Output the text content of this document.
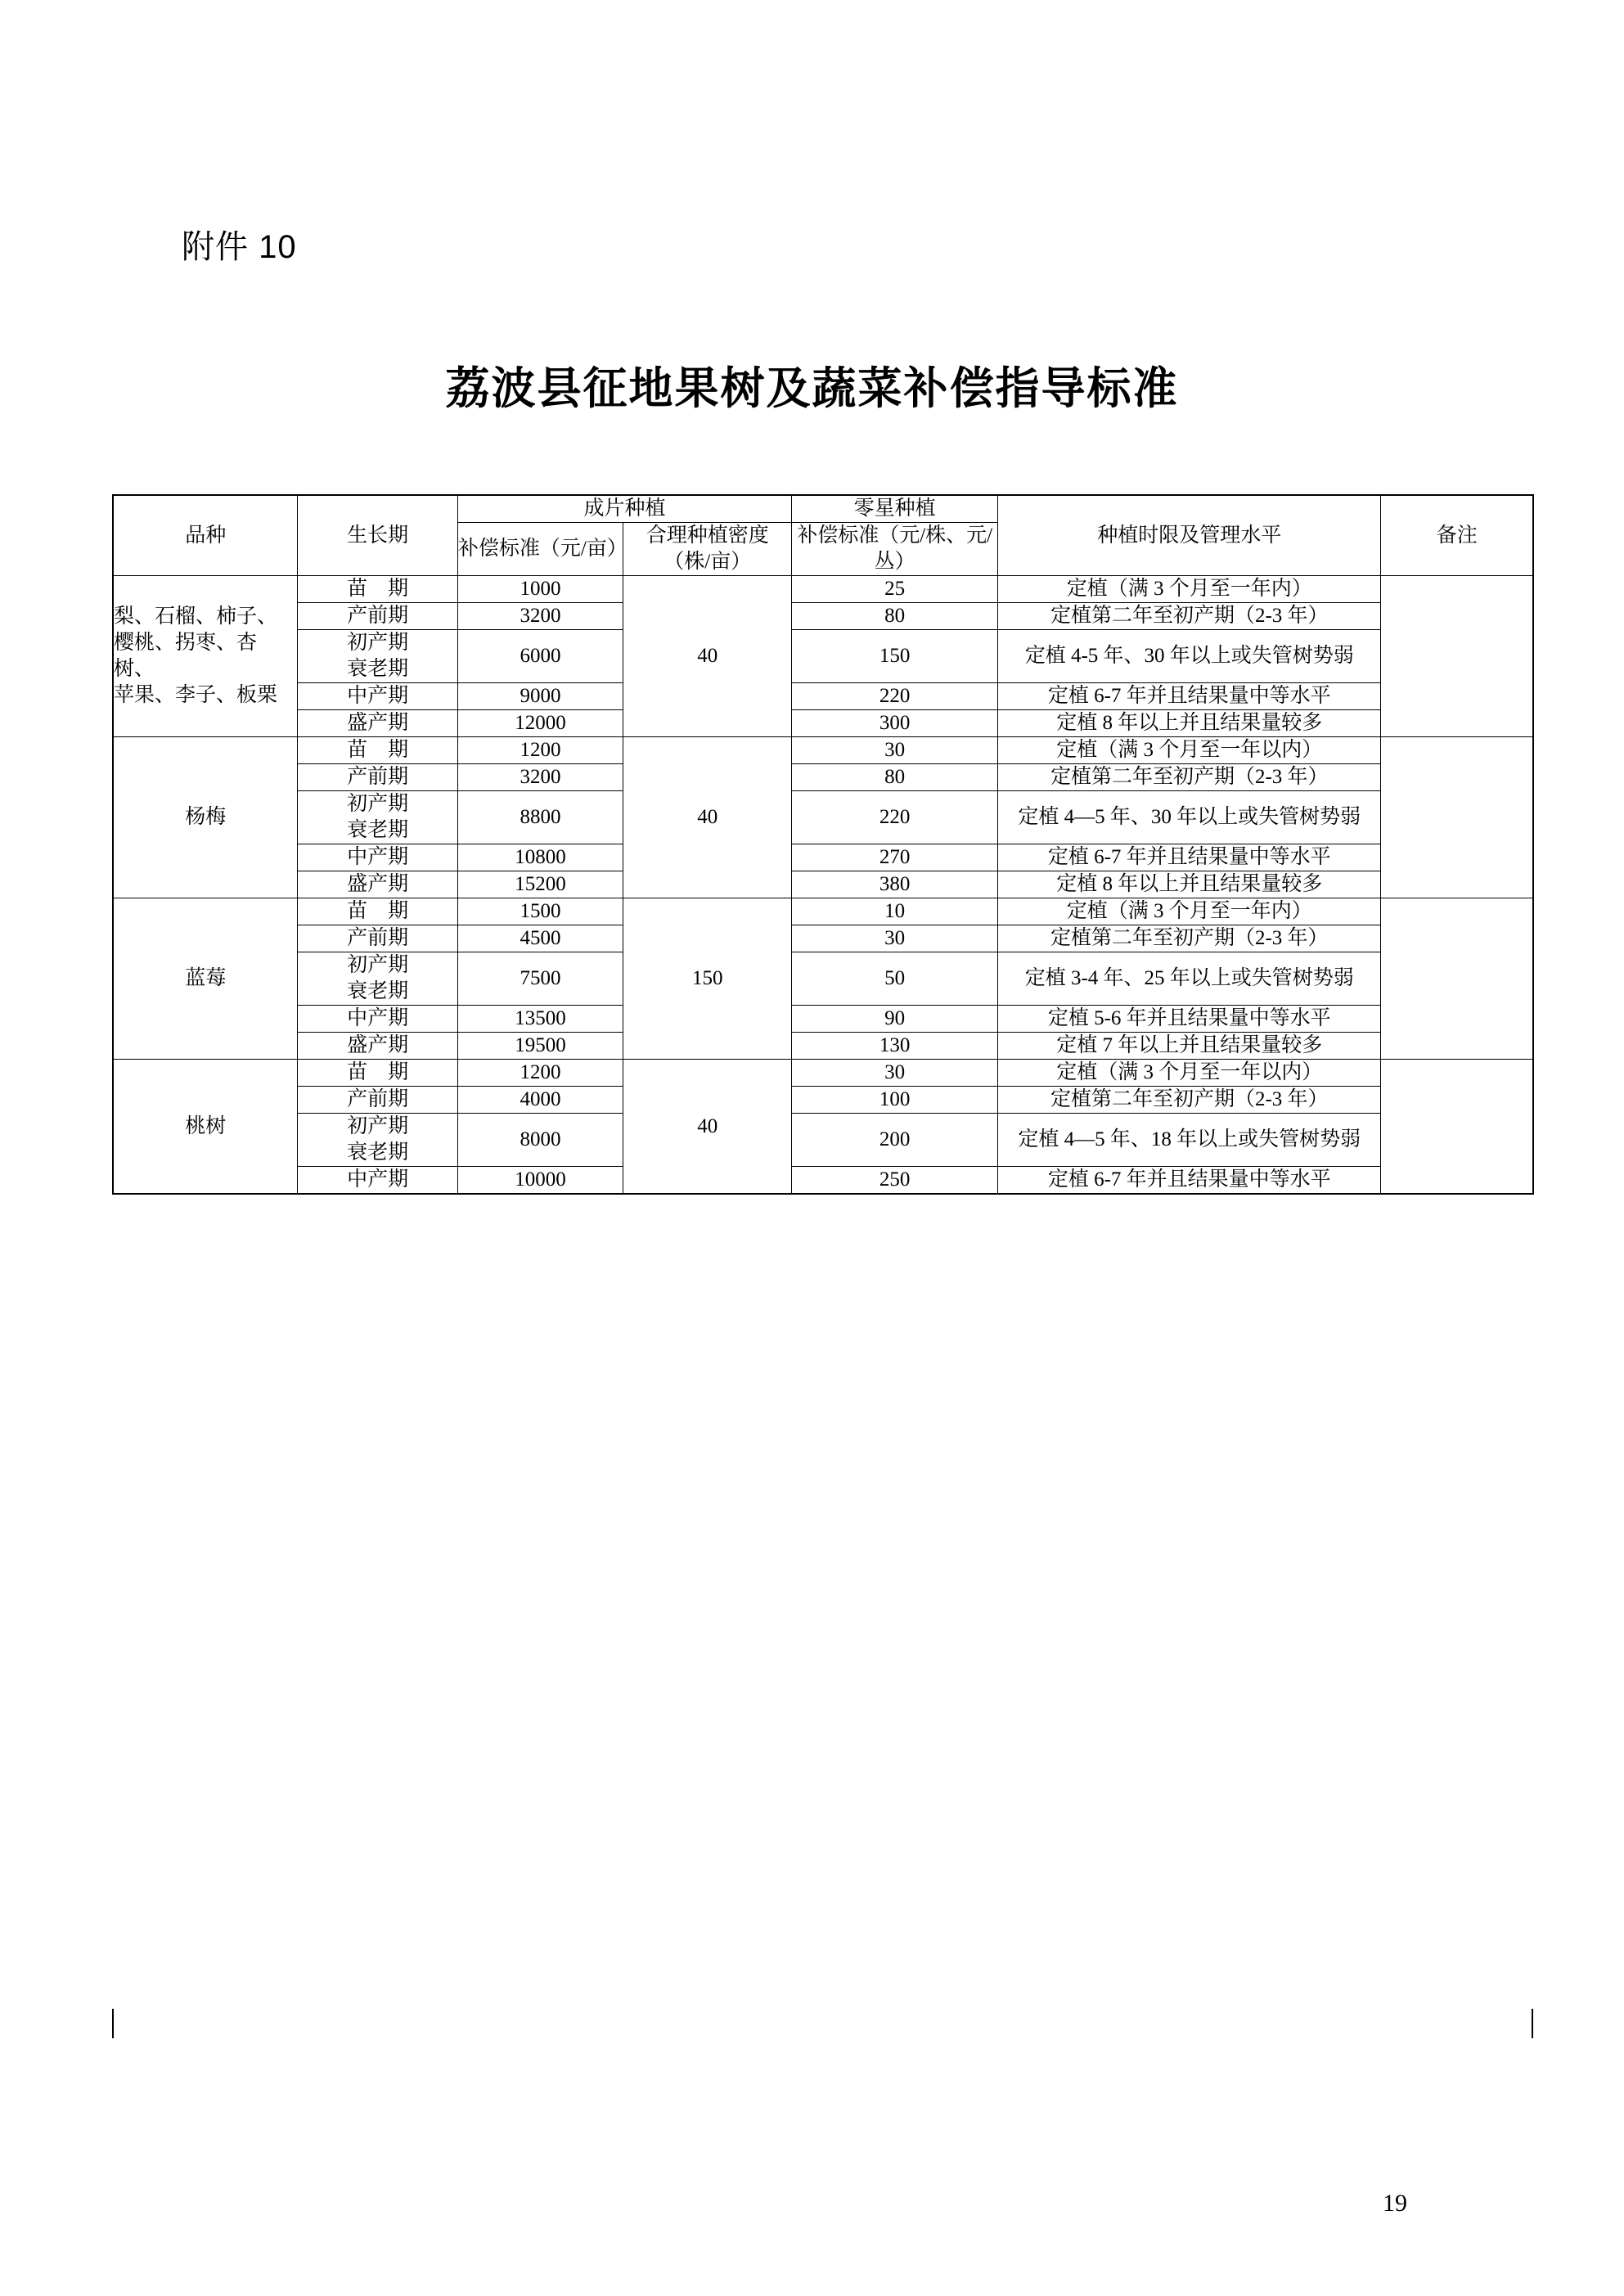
附件 10
荔波县征地果树及蔬菜补偿指导标准
品种	生长期	成片种植		零星种植	种植时限及管理水平	备注
		补偿标准（元/亩）	合理种植密度（株/亩）	补偿标准（元/株、元/丛）		
梨、石榴、柿子、
樱桃、拐枣、杏树、
苹果、李子、板栗	苗　期	1000	40	25	定植（满 3 个月至一年内）	

	产前期	3200		80	定植第二年至初产期（2-3 年）	

	初产期
衰老期	6000		150	定植 4-5 年、30 年以上或失管树势弱	

	中产期	9000		220	定植 6-7 年并且结果量中等水平	

	盛产期	12000		300	定植 8 年以上并且结果量较多	
杨梅	苗　期	1200	40	30	定植（满 3 个月至一年以内）	

	产前期	3200		80	定植第二年至初产期（2-3 年）	

	初产期
衰老期	8800		220	定植 4—5 年、30 年以上或失管树势弱	

	中产期	10800		270	定植 6-7 年并且结果量中等水平	

	盛产期	15200		380	定植 8 年以上并且结果量较多	
蓝莓	苗　期	1500	150	10	定植（满 3 个月至一年内）	

	产前期	4500		30	定植第二年至初产期（2-3 年）	

	初产期
衰老期	7500		50	定植 3-4 年、25 年以上或失管树势弱	

	中产期	13500		90	定植 5-6 年并且结果量中等水平	

	盛产期	19500		130	定植 7 年以上并且结果量较多	
桃树	苗　期	1200	40	30	定植（满 3 个月至一年以内）	

	产前期	4000		100	定植第二年至初产期（2-3 年）	

	初产期
衰老期	8000		200	定植 4—5 年、18 年以上或失管树势弱	

	中产期	10000		250	定植 6-7 年并且结果量中等水平	
19
